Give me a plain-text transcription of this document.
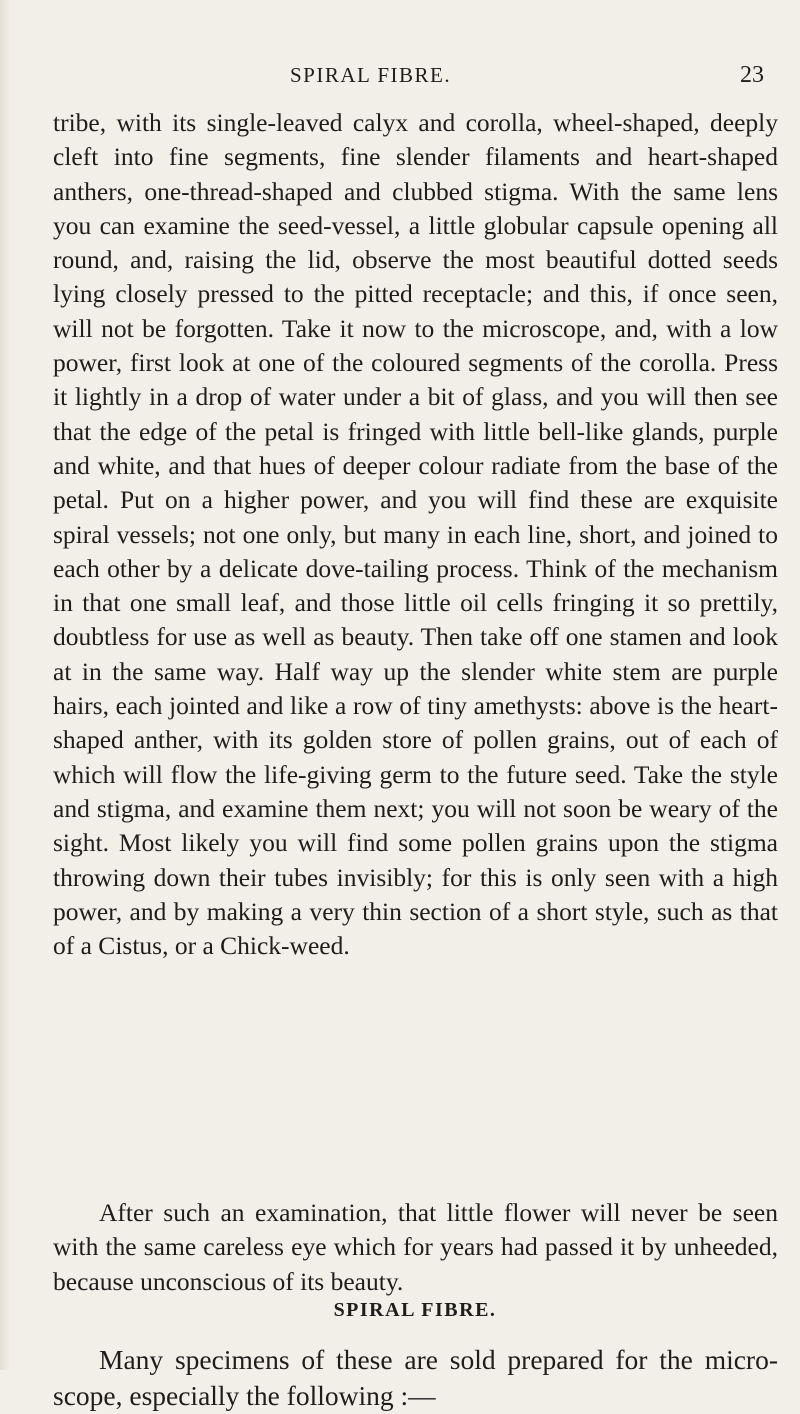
SPIRAL FIBRE.	23

tribe, with its single-leaved calyx and corolla, wheel-shaped, deeply cleft into fine segments, fine slender filaments and heart-shaped anthers, one-thread-shaped and clubbed stigma. With the same lens you can examine the seed-vessel, a little globular capsule opening all round, and, raising the lid, observe the most beautiful dotted seeds lying closely pressed to the pitted receptacle; and this, if once seen, will not be forgotten. Take it now to the microscope, and, with a low power, first look at one of the coloured segments of the corolla. Press it lightly in a drop of water under a bit of glass, and you will then see that the edge of the petal is fringed with little bell-like glands, purple and white, and that hues of deeper colour radiate from the base of the petal. Put on a higher power, and you will find these are exquisite spiral vessels; not one only, but many in each line, short, and joined to each other by a delicate dove-tailing process. Think of the mechanism in that one small leaf, and those little oil cells fringing it so prettily, doubtless for use as well as beauty. Then take off one stamen and look at in the same way. Half way up the slender white stem are purple hairs, each jointed and like a row of tiny amethysts: above is the heart-shaped anther, with its golden store of pollen grains, out of each of which will flow the life-giving germ to the future seed. Take the style and stigma, and examine them next; you will not soon be weary of the sight. Most likely you will find some pollen grains upon the stigma throwing down their tubes invisibly; for this is only seen with a high power, and by making a very thin section of a short style, such as that of a Cistus, or a Chick-weed.

After such an examination, that little flower will never be seen with the same careless eye which for years had passed it by unheeded, because unconscious of its beauty.

SPIRAL FIBRE.

Many specimens of these are sold prepared for the micro-scope, especially the following :—
